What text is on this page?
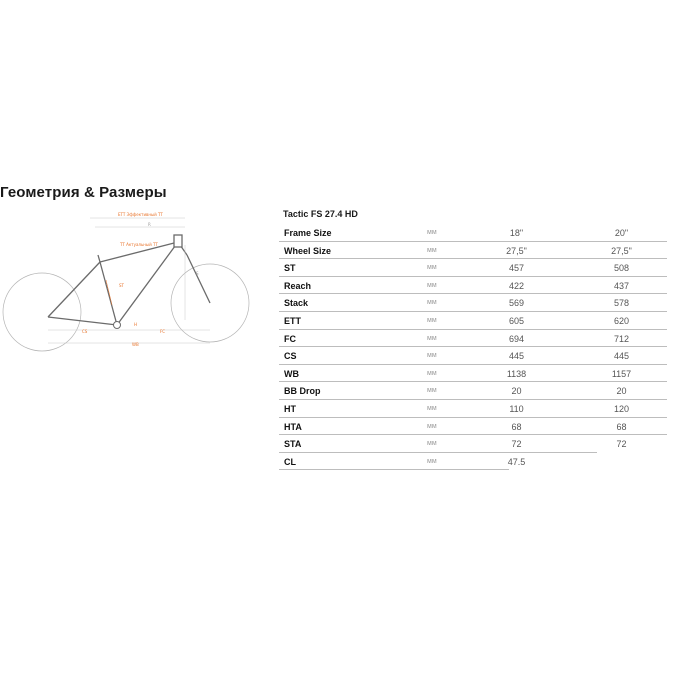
Геометрия & Размеры
ETT Эффективный TT
TT Актуальный TT
R
ST
S
H
CS	FC
WB
Tactic FS 27.4 HD
Frame Size	мм	18"	20"
Wheel Size	мм	27,5"	27,5"
ST	мм	457	508
Reach	мм	422	437
Stack	мм	569	578
ETT	мм	605	620
FC	мм	694	712
CS	мм	445	445
WB	мм	1138	1157
BB Drop	мм	20	20
HT	мм	110	120
HTA	мм	68	68
STA	мм	72	72
CL	мм	47.5
